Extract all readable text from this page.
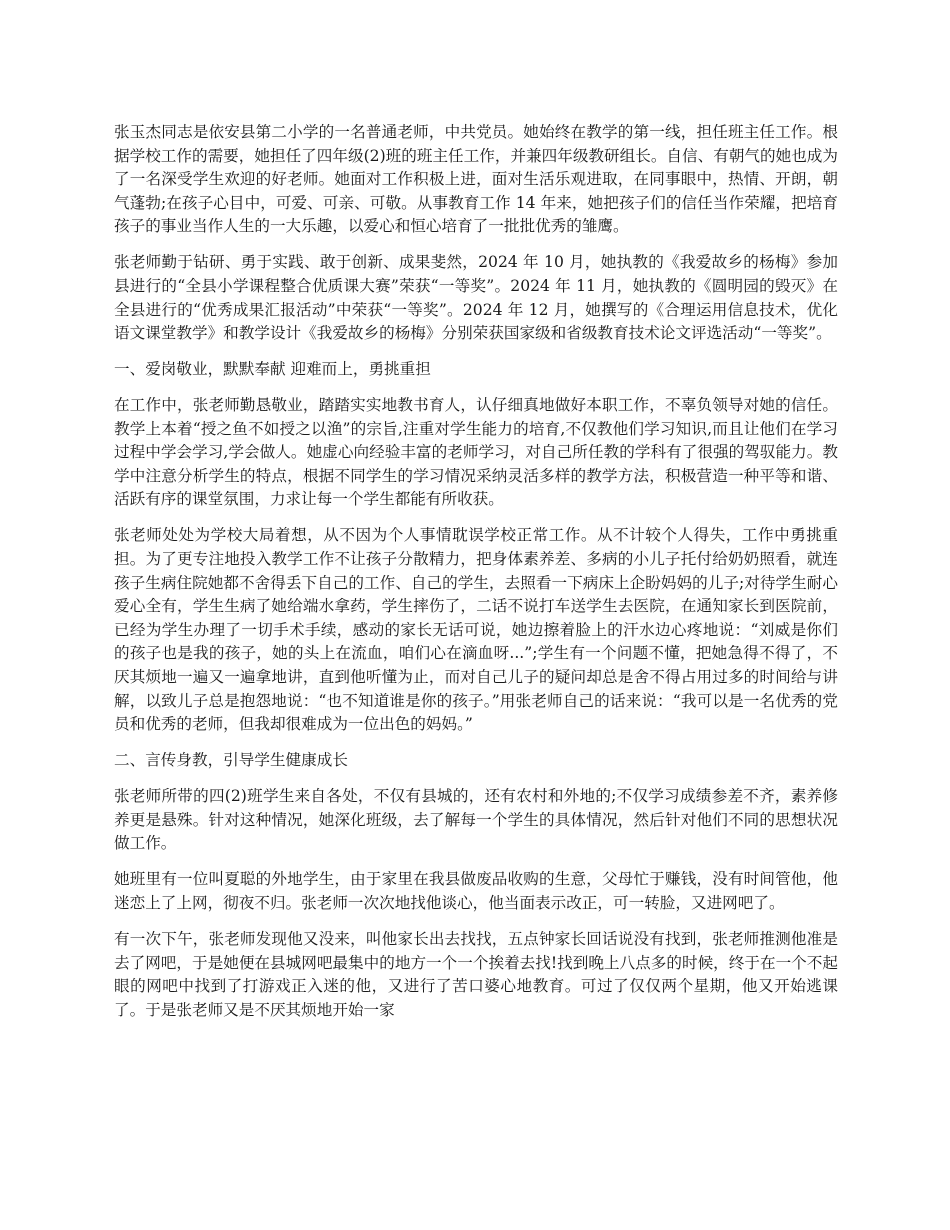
张玉杰同志是依安县第二小学的一名普通老师，中共党员。她始终在教学的第一线，担任班主任工作。根据学校工作的需要，她担任了四年级(2)班的班主任工作，并兼四年级教研组长。自信、有朝气的她也成为了一名深受学生欢迎的好老师。她面对工作积极上进，面对生活乐观进取，在同事眼中，热情、开朗，朝气蓬勃;在孩子心目中，可爱、可亲、可敬。从事教育工作 14 年来，她把孩子们的信任当作荣耀，把培育孩子的事业当作人生的一大乐趣，以爱心和恒心培育了一批批优秀的雏鹰。

张老师勤于钻研、勇于实践、敢于创新、成果斐然，2024 年 10 月，她执教的《我爱故乡的杨梅》参加县进行的“全县小学课程整合优质课大赛”荣获“一等奖”。2024 年 11 月，她执教的《圆明园的毁灭》在全县进行的“优秀成果汇报活动”中荣获“一等奖”。2024 年 12 月，她撰写的《合理运用信息技术，优化语文课堂教学》和教学设计《我爱故乡的杨梅》分别荣获国家级和省级教育技术论文评选活动“一等奖”。

一、爱岗敬业，默默奉献 迎难而上，勇挑重担

在工作中，张老师勤恳敬业，踏踏实实地教书育人，认仔细真地做好本职工作，不辜负领导对她的信任。教学上本着“授之鱼不如授之以渔”的宗旨,注重对学生能力的培育,不仅教他们学习知识,而且让他们在学习过程中学会学习,学会做人。她虚心向经验丰富的老师学习，对自己所任教的学科有了很强的驾驭能力。教学中注意分析学生的特点，根据不同学生的学习情况采纳灵活多样的教学方法，积极营造一种平等和谐、活跃有序的课堂氛围，力求让每一个学生都能有所收获。

张老师处处为学校大局着想，从不因为个人事情耽误学校正常工作。从不计较个人得失，工作中勇挑重担。为了更专注地投入教学工作不让孩子分散精力，把身体素养差、多病的小儿子托付给奶奶照看，就连孩子生病住院她都不舍得丢下自己的工作、自己的学生，去照看一下病床上企盼妈妈的儿子;对待学生耐心爱心全有，学生生病了她给端水拿药，学生摔伤了，二话不说打车送学生去医院，在通知家长到医院前，已经为学生办理了一切手术手续，感动的家长无话可说，她边擦着脸上的汗水边心疼地说：“刘威是你们的孩子也是我的孩子，她的头上在流血，咱们心在滴血呀...”;学生有一个问题不懂，把她急得不得了，不厌其烦地一遍又一遍拿地讲，直到他听懂为止，而对自己儿子的疑问却总是舍不得占用过多的时间给与讲解，以致儿子总是抱怨地说：“也不知道谁是你的孩子。”用张老师自己的话来说：“我可以是一名优秀的党员和优秀的老师，但我却很难成为一位出色的妈妈。”

二、言传身教，引导学生健康成长

张老师所带的四(2)班学生来自各处，不仅有县城的，还有农村和外地的;不仅学习成绩参差不齐，素养修养更是悬殊。针对这种情况，她深化班级，去了解每一个学生的具体情况，然后针对他们不同的思想状况做工作。

她班里有一位叫夏聪的外地学生，由于家里在我县做废品收购的生意，父母忙于赚钱，没有时间管他，他迷恋上了上网，彻夜不归。张老师一次次地找他谈心，他当面表示改正，可一转脸，又进网吧了。

有一次下午，张老师发现他又没来，叫他家长出去找找，五点钟家长回话说没有找到，张老师推测他准是去了网吧，于是她便在县城网吧最集中的地方一个一个挨着去找!找到晚上八点多的时候，终于在一个不起眼的网吧中找到了打游戏正入迷的他，又进行了苦口婆心地教育。可过了仅仅两个星期，他又开始逃课了。于是张老师又是不厌其烦地开始一家
